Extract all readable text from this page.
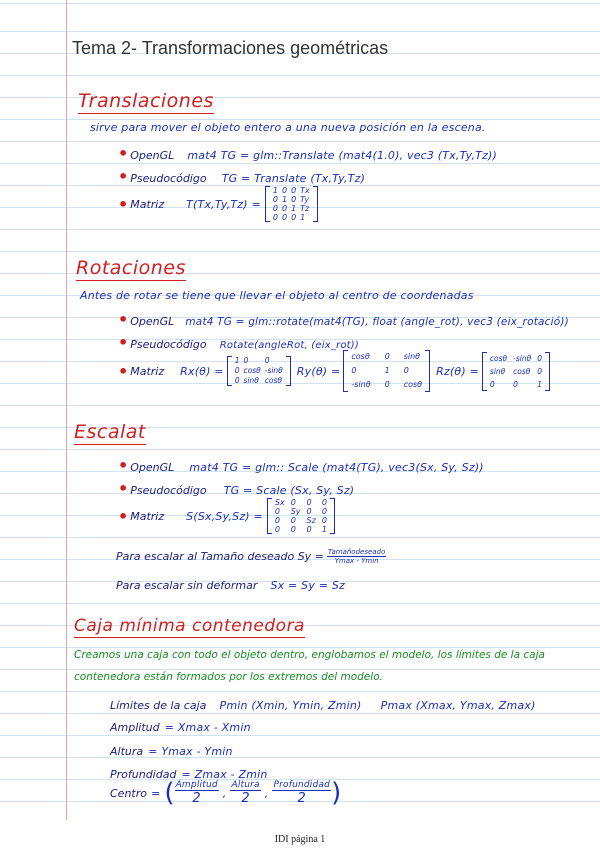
Tema 2- Transformaciones geométricas
Translaciones
sirve para mover el objeto entero a una nueva posición en la escena.
• OpenGL mat4 TG = glm::Translate (mat4(1.0), vec3 (Tx,Ty,Tz))
• Pseudocódigo TG = Translate (Tx,Ty,Tz)
• Matriz T(Tx,Ty,Tz) =
1 0 0 Tx
0 1 0 Ty
0 0 1 Tz
0 0 0 1
Rotaciones
Antes de rotar se tiene que llevar el objeto al centro de coordenadas
• OpenGL mat4 TG = glm::rotate(mat4(TG), float (angle_rot), vec3 (eix_rotació))
• Pseudocódigo Rotate(angleRot, (eix_rot))
• Matriz Rx(θ) =
1 0	0
0 cosθ -sinθ
0 sinθ cosθ
Ry(θ) =
cosθ 0 sinθ
0	1 0
-sinθ 0 cosθ
Rz(θ) =
cosθ -sinθ 0
sinθ cosθ 0
0	0	1
Escalat
• OpenGL mat4 TG = glm:: Scale (mat4(TG), vec3(Sx, Sy, Sz))
• Pseudocódigo TG = Scale (Sx, Sy, Sz)
• Matriz S(Sx,Sy,Sz) =
Sx 0	0	0
0	Sy 0	0
0	0	Sz 0
0	0	0	1
Para escalar al Tamaño deseado $Sy = \frac{\text{Tamañodeseado}}{Ymax - Ymin}$
Para escalar sin deformar Sx = Sy = Sz
Caja mínima contenedora
Creamos una caja con todo el objeto dentro, englobamos el modelo, los límites de la caja
contenedora están formados por los extremos del modelo.
Límites de la caja Pmin (Xmin, Ymin, Zmin) Pmax (Xmax, Ymax, Zmax)
Amplitud = Xmax - Xmin
Altura = Ymax - Ymin
Profundidad = Zmax - Zmin
Centro = ( $\frac{\text{Amplitud}}{2}$ , $\frac{\text{Altura}}{2}$ , $\frac{\text{Profundidad}}{2}$ )
IDI página 1
